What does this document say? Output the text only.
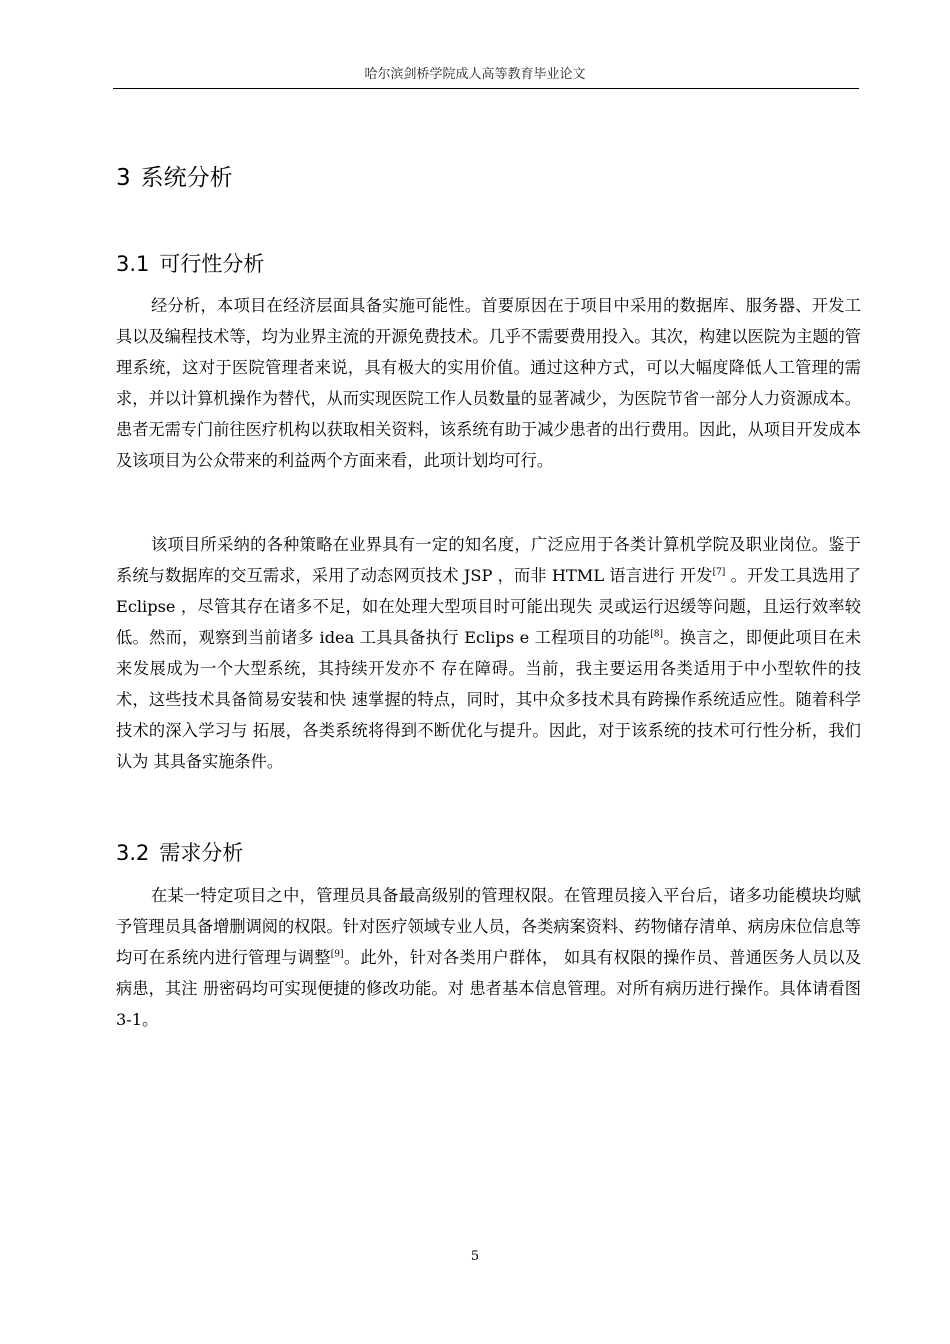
哈尔滨剑桥学院成人高等教育毕业论文
3 系统分析
3.1 可行性分析

经分析，本项目在经济层面具备实施可能性。首要原因在于项目中采用的数据库、服务器、开发工具以及编程技术等，均为业界主流的开源免费技术。几乎不需要费用投入。其次，构建以医院为主题的管理系统，这对于医院管理者来说，具有极大的实用价值。通过这种方式，可以大幅度降低人工管理的需求，并以计算机操作为替代，从而实现医院工作人员数量的显著减少，为医院节省一部分人力资源成本。患者无需专门前往医疗机构以获取相关资料，该系统有助于减少患者的出行费用。因此，从项目开发成本及该项目为公众带来的利益两个方面来看，此项计划均可行。

该项目所采纳的各种策略在业界具有一定的知名度，广泛应用于各类计算机学院及职业岗位。鉴于系统与数据库的交互需求，采用了动态网页技术 JSP ，而非 HTML 语言进行 开发[7] 。开发工具选用了 Eclipse ，尽管其存在诸多不足，如在处理大型项目时可能出现失 灵或运行迟缓等问题，且运行效率较低。然而，观察到当前诸多 idea 工具具备执行 Eclips e 工程项目的功能[8]。换言之，即便此项目在未来发展成为一个大型系统，其持续开发亦不 存在障碍。当前，我主要运用各类适用于中小型软件的技术，这些技术具备简易安装和快 速掌握的特点，同时，其中众多技术具有跨操作系统适应性。随着科学技术的深入学习与 拓展，各类系统将得到不断优化与提升。因此，对于该系统的技术可行性分析，我们认为 其具备实施条件。

3.2 需求分析

在某一特定项目之中，管理员具备最高级别的管理权限。在管理员接入平台后，诸多功能模块均赋予管理员具备增删调阅的权限。针对医疗领域专业人员，各类病案资料、药物储存清单、病房床位信息等均可在系统内进行管理与调整[9]。此外，针对各类用户群体， 如具有权限的操作员、普通医务人员以及病患，其注 册密码均可实现便捷的修改功能。对 患者基本信息管理。对所有病历进行操作。具体请看图 3-1。

5
